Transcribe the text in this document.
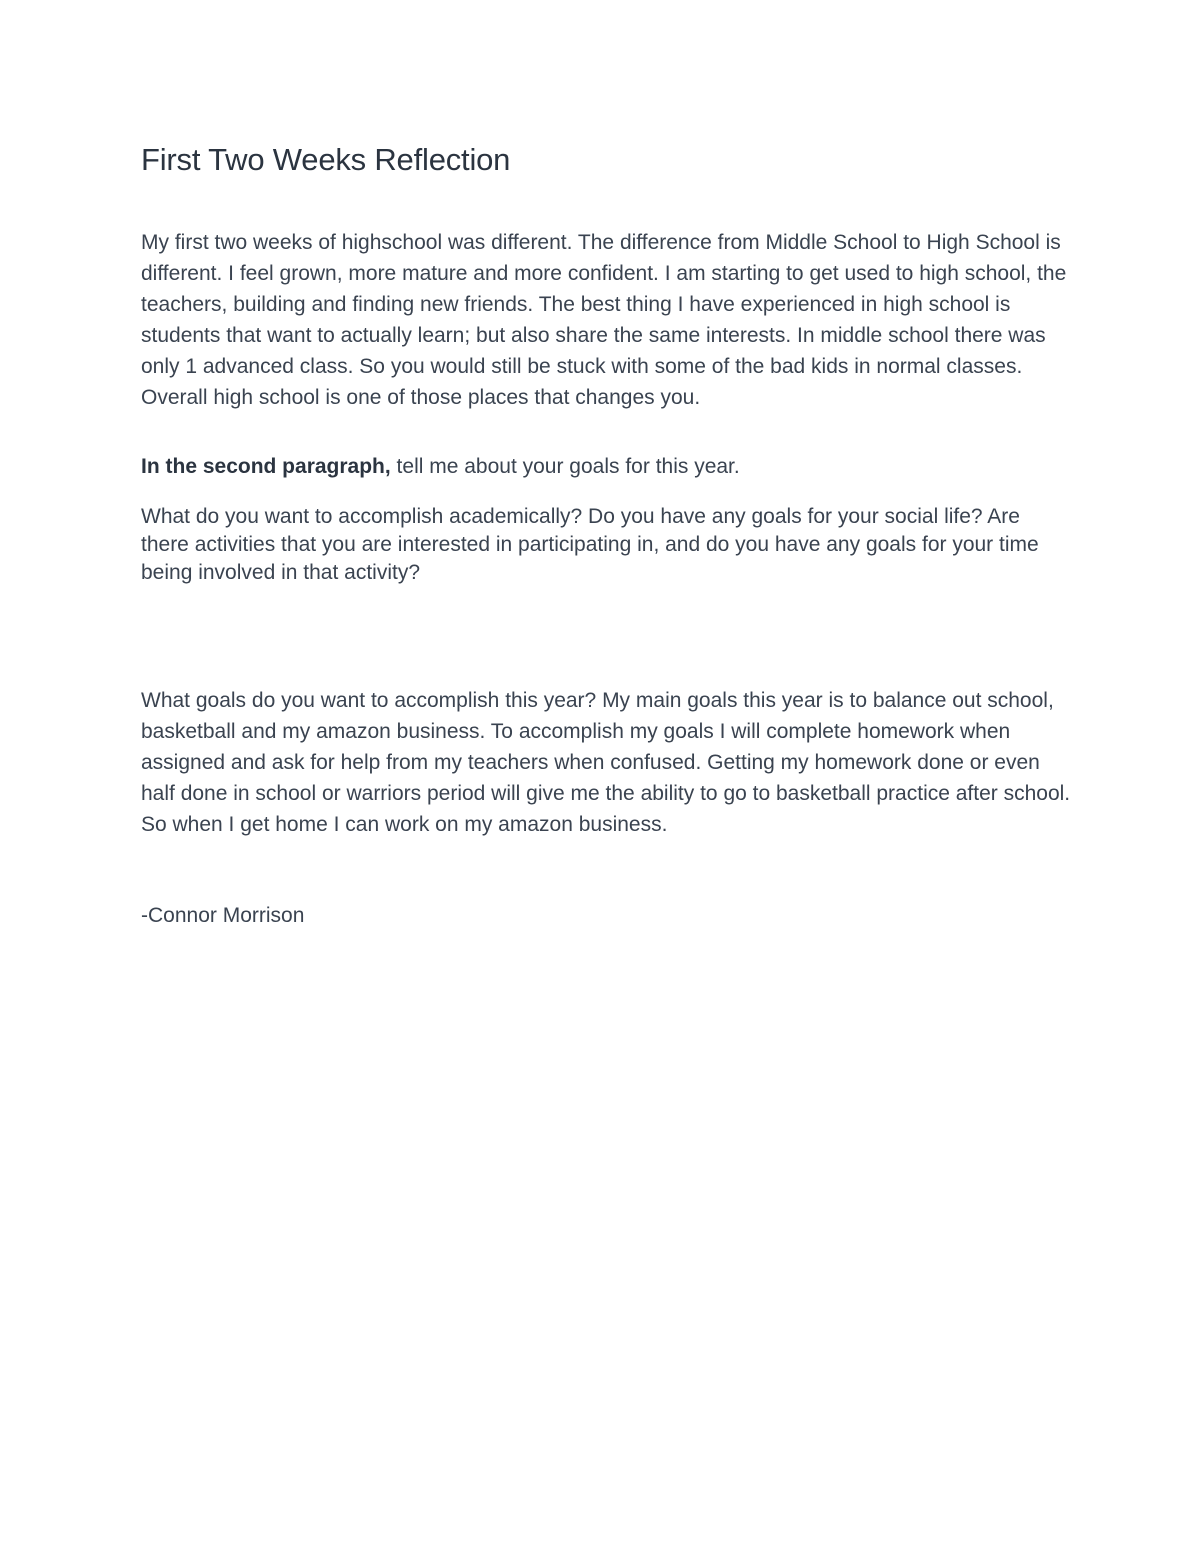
First Two Weeks Reflection

My first two weeks of highschool was different. The difference from Middle School to High School is different. I feel grown, more mature and more confident. I am starting to get used to high school, the teachers, building and finding new friends. The best thing I have experienced in high school is students that want to actually learn; but also share the same interests. In middle school there was only 1 advanced class. So you would still be stuck with some of the bad kids in normal classes. Overall high school is one of those places that changes you.

In the second paragraph, tell me about your goals for this year.

What do you want to accomplish academically? Do you have any goals for your social life? Are there activities that you are interested in participating in, and do you have any goals for your time being involved in that activity?

What goals do you want to accomplish this year? My main goals this year is to balance out school, basketball and my amazon business. To accomplish my goals I will complete homework when assigned and ask for help from my teachers when confused. Getting my homework done or even half done in school or warriors period will give me the ability to go to basketball practice after school. So when I get home I can work on my amazon business.

-Connor Morrison
